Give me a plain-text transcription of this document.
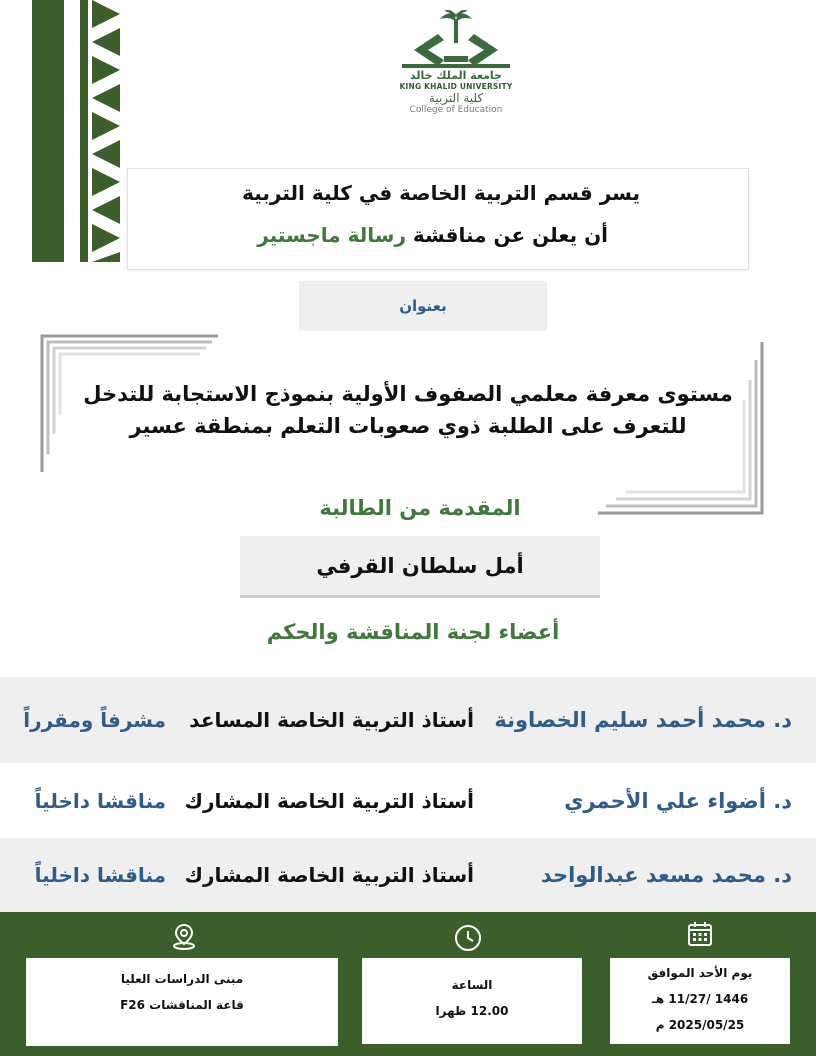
جامعة الملك خالد
KING KHALID UNIVERSITY
كلية التربية
College of Education
يسر قسم التربية الخاصة في كلية التربية
أن يعلن عن مناقشة رسالة ماجستير
بعنوان
مستوى معرفة معلمي الصفوف الأولية بنموذج الاستجابة للتدخل
للتعرف على الطلبة ذوي صعوبات التعلم بمنطقة عسير
المقدمة من الطالبة
أمل سلطان القرفي
أعضاء لجنة المناقشة والحكم
د. محمد أحمد سليم الخصاونة
أستاذ التربية الخاصة المساعد
مشرفاً ومقرراً
د. أضواء علي الأحمري
أستاذ التربية الخاصة المشارك
مناقشا داخلياً
د. محمد مسعد عبدالواحد
أستاذ التربية الخاصة المشارك
مناقشا داخلياً
مبنى الدراسات العليا
قاعة المناقشات F26
الساعة
12.00 ظهرا
يوم الأحد الموافق
1446 /11/27 هـ
2025/05/25 م
